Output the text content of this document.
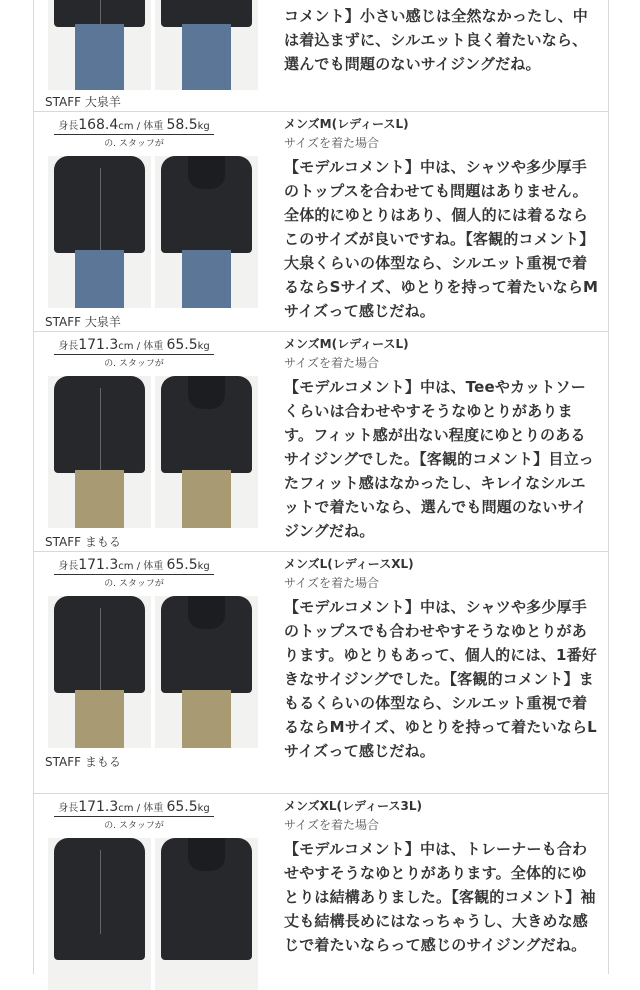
STAFF 大泉羊
コメント】小さい感じは全然なかったし、中は着込まずに、シルエット良く着たいなら、選んでも問題のないサイジングだね。
身長168.4cm / 体重 58.5kg
の. スタッフが
STAFF 大泉羊
メンズM(レディースL)
サイズを着た場合
【モデルコメント】中は、シャツや多少厚手のトップスを合わせても問題はありません。全体的にゆとりはあり、個人的には着るならこのサイズが良いですね。【客観的コメント】大泉くらいの体型なら、シルエット重視で着るならSサイズ、ゆとりを持って着たいならMサイズって感じだね。
身長171.3cm / 体重 65.5kg
の. スタッフが
STAFF まもる
メンズM(レディースL)
サイズを着た場合
【モデルコメント】中は、Teeやカットソーくらいは合わせやすそうなゆとりがあります。フィット感が出ない程度にゆとりのあるサイジングでした。【客観的コメント】目立ったフィット感はなかったし、キレイなシルエットで着たいなら、選んでも問題のないサイジングだね。
身長171.3cm / 体重 65.5kg
の. スタッフが
STAFF まもる
メンズL(レディースXL)
サイズを着た場合
【モデルコメント】中は、シャツや多少厚手のトップスでも合わせやすそうなゆとりがあります。ゆとりもあって、個人的には、1番好きなサイジングでした。【客観的コメント】まもるくらいの体型なら、シルエット重視で着るならMサイズ、ゆとりを持って着たいならLサイズって感じだね。
身長171.3cm / 体重 65.5kg
の. スタッフが
メンズXL(レディース3L)
サイズを着た場合
【モデルコメント】中は、トレーナーも合わせやすそうなゆとりがあります。全体的にゆとりは結構ありました。【客観的コメント】袖丈も結構長めにはなっちゃうし、大きめな感じで着たいならって感じのサイジングだね。
